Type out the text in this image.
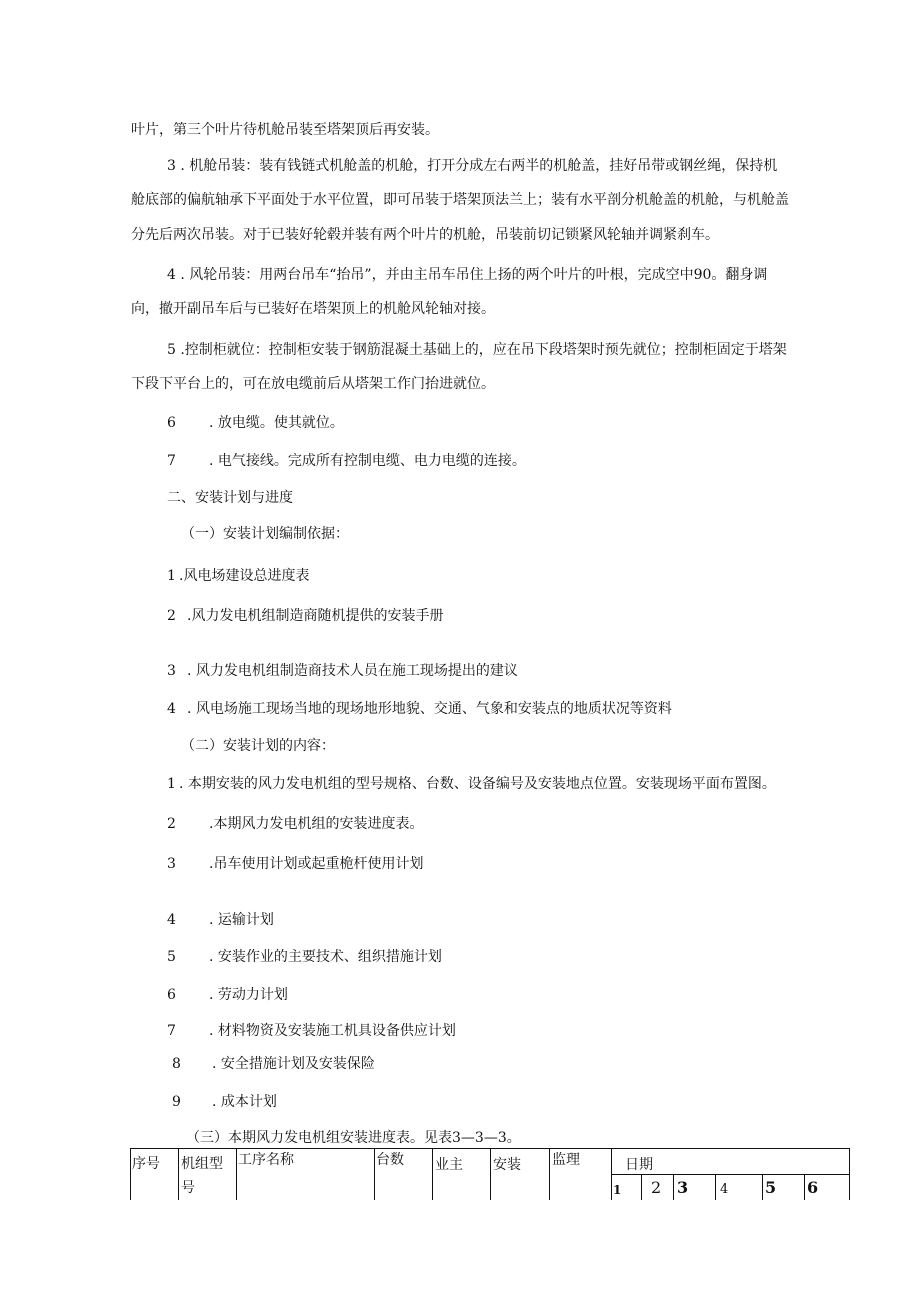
叶片，第三个叶片待机舱吊装至塔架顶后再安装。
3 . 机舱吊装：装有钱链式机舱盖的机舱，打开分成左右两半的机舱盖，挂好吊带或钢丝绳，保持机
舱底部的偏航轴承下平面处于水平位置，即可吊装于塔架顶法兰上；装有水平剖分机舱盖的机舱，与机舱盖
分先后两次吊装。对于已装好轮毂并装有两个叶片的机舱，吊装前切记锁紧风轮轴并调紧刹车。
4 . 风轮吊装：用两台吊车“抬吊”，并由主吊车吊住上扬的两个叶片的叶根，完成空中90。翻身调
向，撤开副吊车后与已装好在塔架顶上的机舱风轮轴对接。
5 .控制柜就位：控制柜安装于钢筋混凝土基础上的，应在吊下段塔架时预先就位；控制柜固定于塔架
下段下平台上的，可在放电缆前后从塔架工作门抬进就位。
6 . 放电缆。使其就位。
7 . 电气接线。完成所有控制电缆、电力电缆的连接。
二、安装计划与进度
（一）安装计划编制依据：
1 .风电场建设总进度表
2 .风力发电机组制造商随机提供的安装手册
3 . 风力发电机组制造商技术人员在施工现场提出的建议
4 . 风电场施工现场当地的现场地形地貌、交通、气象和安装点的地质状况等资料
（二）安装计划的内容：
1 . 本期安装的风力发电机组的型号规格、台数、设备编号及安装地点位置。安装现场平面布置图。
2 .本期风力发电机组的安装进度表。
3 .吊车使用计划或起重桅杆使用计划
4 . 运输计划
5 . 安装作业的主要技术、组织措施计划
6 . 劳动力计划
7 . 材料物资及安装施工机具设备供应计划
8 . 安全措施计划及安装保险
9 . 成本计划
（三）本期风力发电机组安装进度表。见表3—3—3。
序号 机组型
号
工序名称	台数 业主 安装 监理	日期
1 2 3 4 5 6
